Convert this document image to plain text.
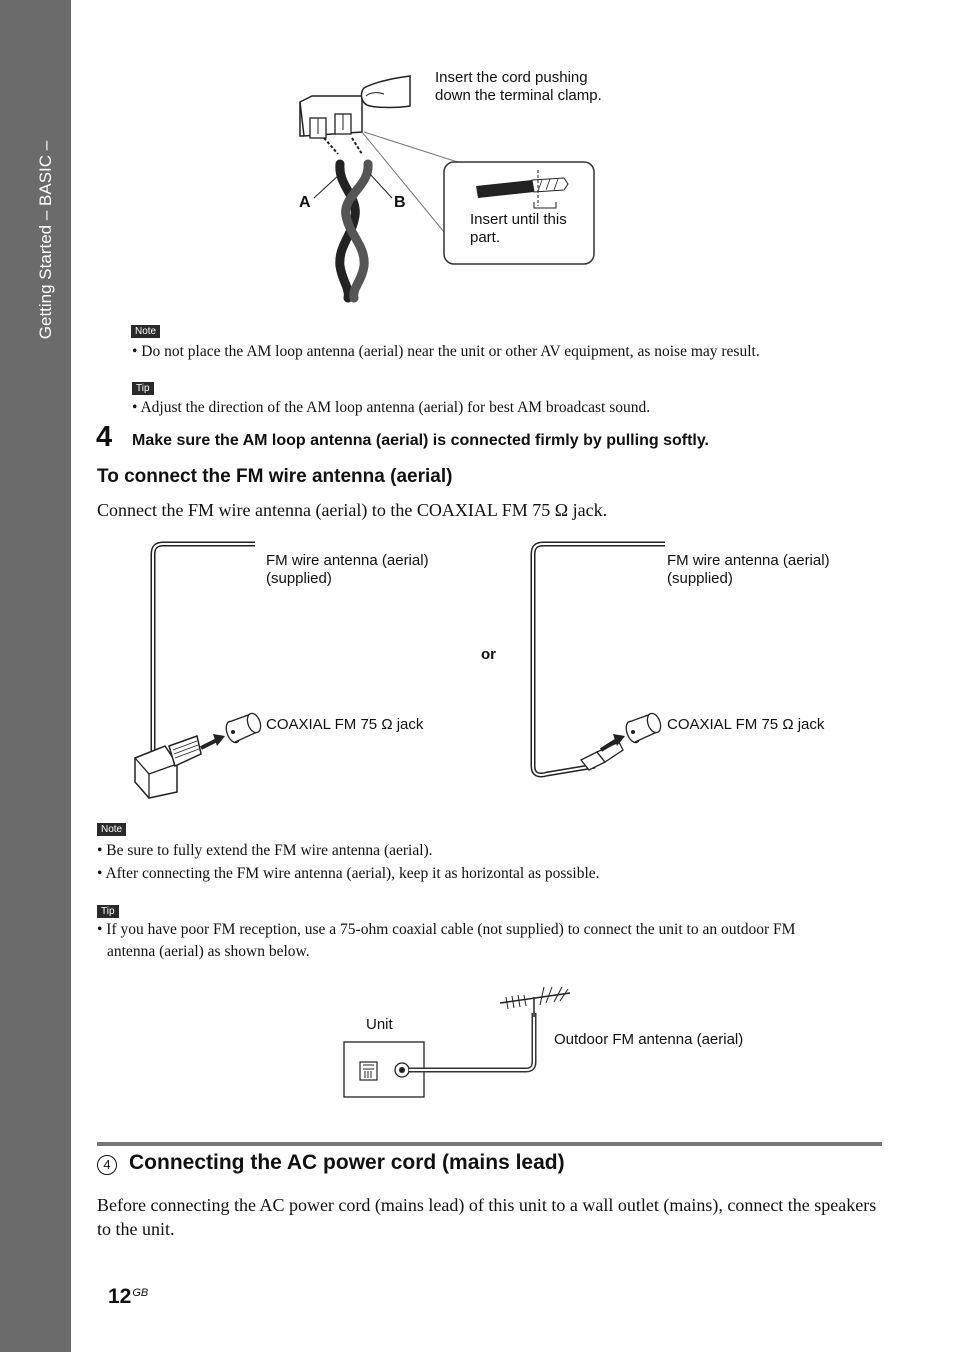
Getting Started – BASIC –
Insert the cord pushing
down the terminal clamp.
A	B
Insert until this
part.
Note
• Do not place the AM loop antenna (aerial) near the unit or other AV equipment, as noise may result.
Tip
• Adjust the direction of the AM loop antenna (aerial) for best AM broadcast sound.
4 Make sure the AM loop antenna (aerial) is connected firmly by pulling softly.
To connect the FM wire antenna (aerial)
Connect the FM wire antenna (aerial) to the COAXIAL FM 75 Ω jack.
FM wire antenna (aerial)
(supplied)
COAXIAL FM 75 Ω jack
or
FM wire antenna (aerial)
(supplied)
COAXIAL FM 75 Ω jack
Note
• Be sure to fully extend the FM wire antenna (aerial).
• After connecting the FM wire antenna (aerial), keep it as horizontal as possible.
Tip
• If you have poor FM reception, use a 75-ohm coaxial cable (not supplied) to connect the unit to an outdoor FM
antenna (aerial) as shown below.
Unit
Outdoor FM antenna (aerial)
4 Connecting the AC power cord (mains lead)
Before connecting the AC power cord (mains lead) of this unit to a wall outlet (mains), connect the speakers to the unit.
$12^{GB}$
